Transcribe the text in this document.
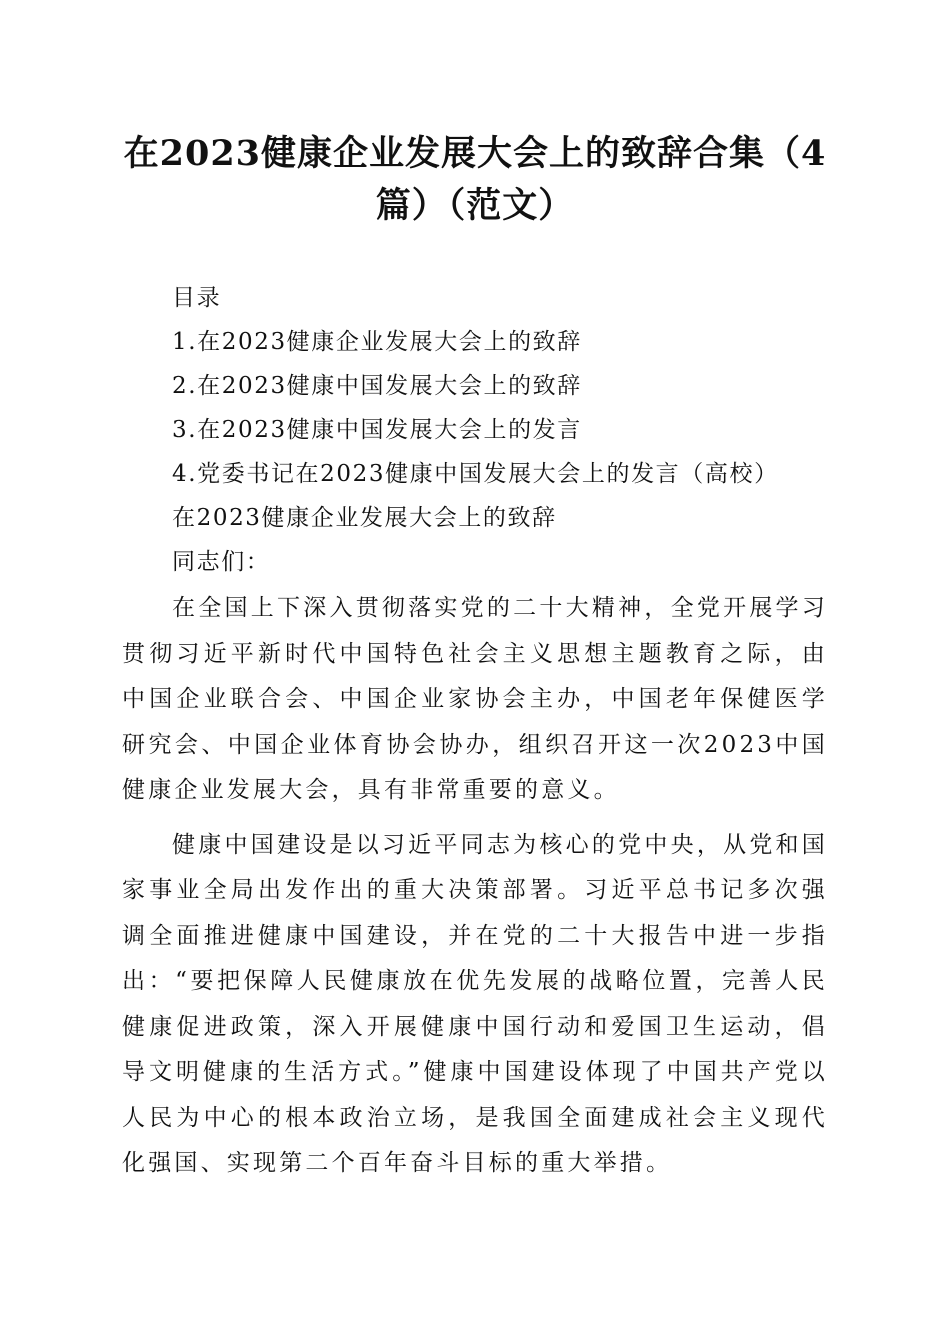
在2023健康企业发展大会上的致辞合集（4篇）（范文）

目录

1.在2023健康企业发展大会上的致辞

2.在2023健康中国发展大会上的致辞

3.在2023健康中国发展大会上的发言

4.党委书记在2023健康中国发展大会上的发言（高校）

在2023健康企业发展大会上的致辞

同志们：

在全国上下深入贯彻落实党的二十大精神，全党开展学习贯彻习近平新时代中国特色社会主义思想主题教育之际，由中国企业联合会、中国企业家协会主办，中国老年保健医学研究会、中国企业体育协会协办，组织召开这一次2023中国健康企业发展大会，具有非常重要的意义。

健康中国建设是以习近平同志为核心的党中央，从党和国家事业全局出发作出的重大决策部署。习近平总书记多次强调全面推进健康中国建设，并在党的二十大报告中进一步指出：“要把保障人民健康放在优先发展的战略位置，完善人民健康促进政策，深入开展健康中国行动和爱国卫生运动，倡导文明健康的生活方式。”健康中国建设体现了中国共产党以人民为中心的根本政治立场，是我国全面建成社会主义现代化强国、实现第二个百年奋斗目标的重大举措。
